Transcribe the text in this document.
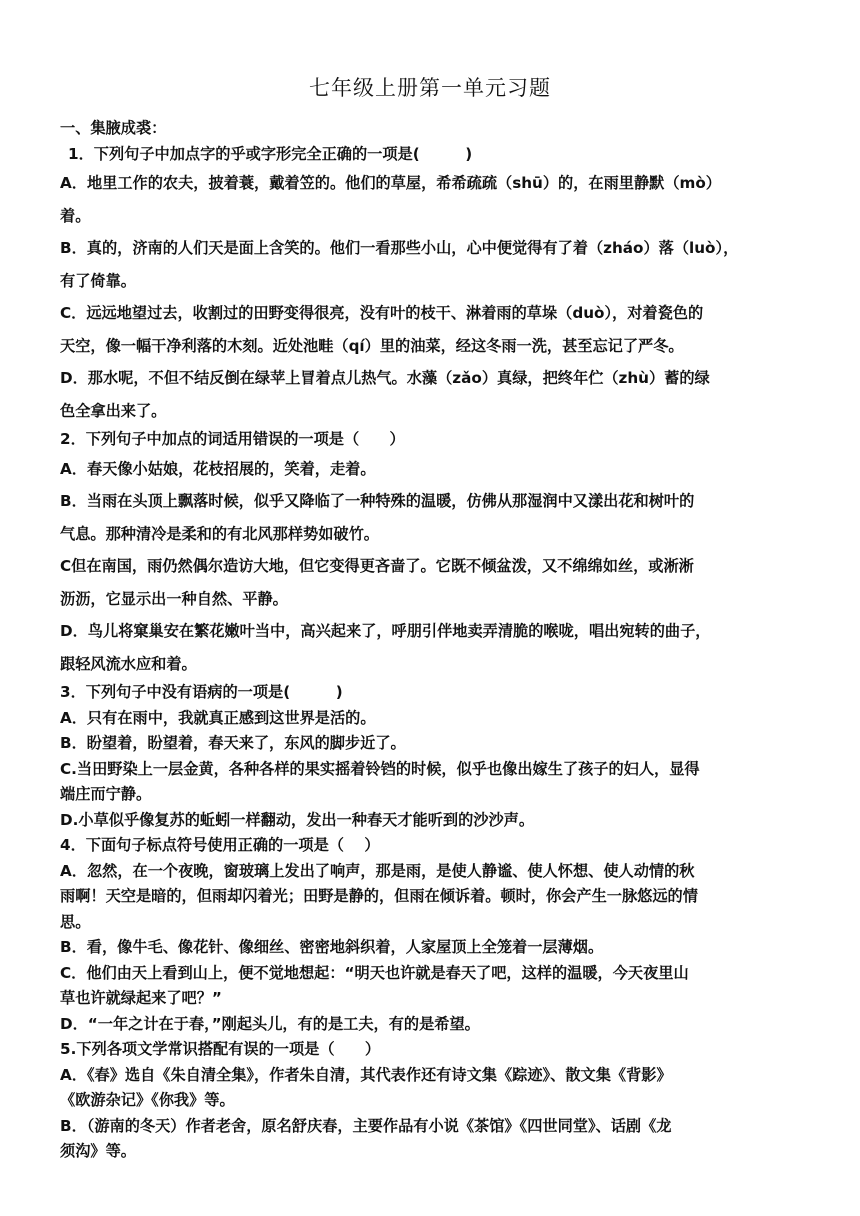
七年级上册第一单元习题
一、集腋成裘：
1．下列句子中加点字的乎或字形完全正确的一项是(　　　)
A．地里工作的农夫，披着蓑，戴着笠的。他们的草屋，希希疏疏（shū）的，在雨里静默（mò）
着。
B．真的，济南的人们天是面上含笑的。他们一看那些小山，心中便觉得有了着（zháo）落（luò），
有了倚靠。
C．远远地望过去，收割过的田野变得很亮，没有叶的枝干、淋着雨的草垛（duò），对着瓷色的
天空，像一幅干净利落的木刻。近处池畦（qí）里的油菜，经这冬雨一洗，甚至忘记了严冬。
D．那水呢，不但不结反倒在绿苹上冒着点儿热气。水藻（zǎo）真绿，把终年伫（zhù）蓄的绿
色全拿出来了。
2．下列句子中加点的词适用错误的一项是（　　）
A．春天像小姑娘，花枝招展的，笑着，走着。
B．当雨在头顶上飘落时候，似乎又降临了一种特殊的温暖，仿佛从那湿润中又漾出花和树叶的
气息。那种清冷是柔和的有北风那样势如破竹。
C但在南国，雨仍然偶尔造访大地，但它变得更吝啬了。它既不倾盆泼，又不绵绵如丝，或淅淅
沥沥，它显示出一种自然、平静。
D．鸟儿将窠巢安在繁花嫩叶当中，高兴起来了，呼朋引伴地卖弄清脆的喉咙，唱出宛转的曲子，
跟轻风流水应和着。
3．下列句子中没有语病的一项是(　　　)
A．只有在雨中，我就真正感到这世界是活的。
B．盼望着，盼望着，春天来了，东风的脚步近了。
C.当田野染上一层金黄，各种各样的果实摇着铃铛的时候，似乎也像出嫁生了孩子的妇人，显得
端庄而宁静。
D.小草似乎像复苏的蚯蚓一样翻动，发出一种春天才能听到的沙沙声。
4．下面句子标点符号使用正确的一项是（　 ）
A．忽然，在一个夜晚，窗玻璃上发出了响声，那是雨，是使人静谧、使人怀想、使人动情的秋
雨啊！天空是暗的，但雨却闪着光；田野是静的，但雨在倾诉着。顿时，你会产生一脉悠远的情
思。
B．看，像牛毛、像花针、像细丝、密密地斜织着，人家屋顶上全笼着一层薄烟。
C．他们由天上看到山上，便不觉地想起：“明天也许就是春天了吧，这样的温暖，今天夜里山
草也许就绿起来了吧？”
D．“一年之计在于春，”刚起头儿，有的是工夫，有的是希望。
5.下列各项文学常识搭配有误的一项是（　　）
A．《春》选自《朱自清全集》，作者朱自清，其代表作还有诗文集《踪迹》、散文集《背影》
《欧游杂记》《你我》等。
B．（游南的冬天）作者老舍，原名舒庆春，主要作品有小说《茶馆》《四世同堂》、话剧《龙
须沟》等。
